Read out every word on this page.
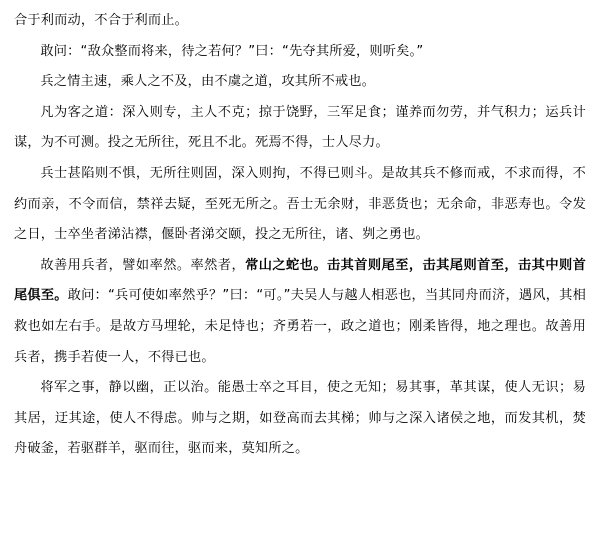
合于利而动，不合于利而止。

敢问：“敌众整而将来，待之若何？”曰：“先夺其所爱，则听矣。”

兵之情主速，乘人之不及，由不虞之道，攻其所不戒也。

凡为客之道：深入则专，主人不克；掠于饶野，三军足食；谨养而勿劳，并气积力；运兵计谋，为不可测。投之无所往，死且不北。死焉不得，士人尽力。

兵士甚陷则不惧，无所往则固，深入则拘，不得已则斗。是故其兵不修而戒，不求而得，不约而亲，不令而信，禁祥去疑，至死无所之。吾士无余财，非恶货也；无余命，非恶寿也。令发之日，士卒坐者涕沾襟，偃卧者涕交颐，投之无所往，诸、刿之勇也。

故善用兵者，譬如率然。率然者，常山之蛇也。击其首则尾至，击其尾则首至，击其中则首尾俱至。敢问：“兵可使如率然乎？”曰：“可。”夫吴人与越人相恶也，当其同舟而济，遇风，其相救也如左右手。是故方马埋轮，未足恃也；齐勇若一，政之道也；刚柔皆得，地之理也。故善用兵者，携手若使一人，不得已也。

将军之事，静以幽，正以治。能愚士卒之耳目，使之无知；易其事，革其谋，使人无识；易其居，迂其途，使人不得虑。帅与之期，如登高而去其梯；帅与之深入诸侯之地，而发其机，焚舟破釜，若驱群羊，驱而往，驱而来，莫知所之。
